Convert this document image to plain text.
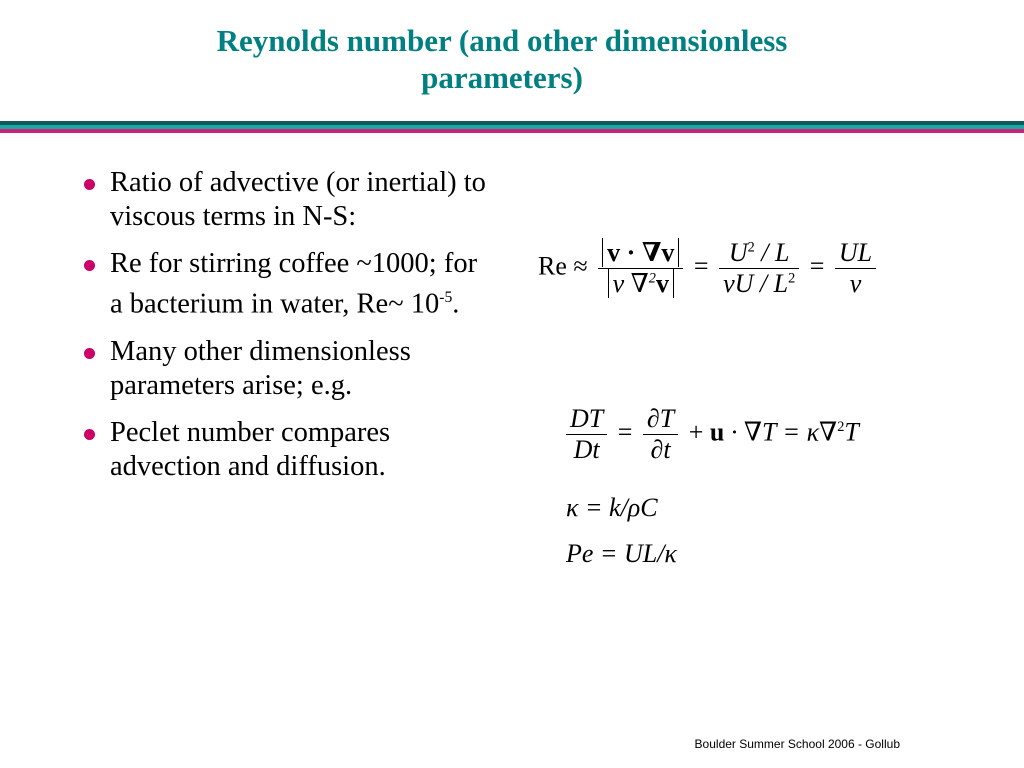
Reynolds number (and other dimensionless
parameters)
Ratio of advective (or inertial) to viscous terms in N-S:
Re for stirring coffee ~1000; for a bacterium in water, Re~ $10^{-5}$.
Many other dimensionless parameters arise; e.g.
Peclet number compares advection and diffusion.
$Re \approx \frac{v \cdot \nabla v}{\nu \nabla^2v} = \frac{U^2 / L}{\nu U / L^2} = \frac{UL}{\nu}$
$\frac{DT}{Dt} = \frac{\partial T}{\partial t} + u \cdot \nabla T = \kappa\nabla^2T$
κ = k/ρC
Pe = UL/κ
Boulder Summer School 2006 - Gollub
